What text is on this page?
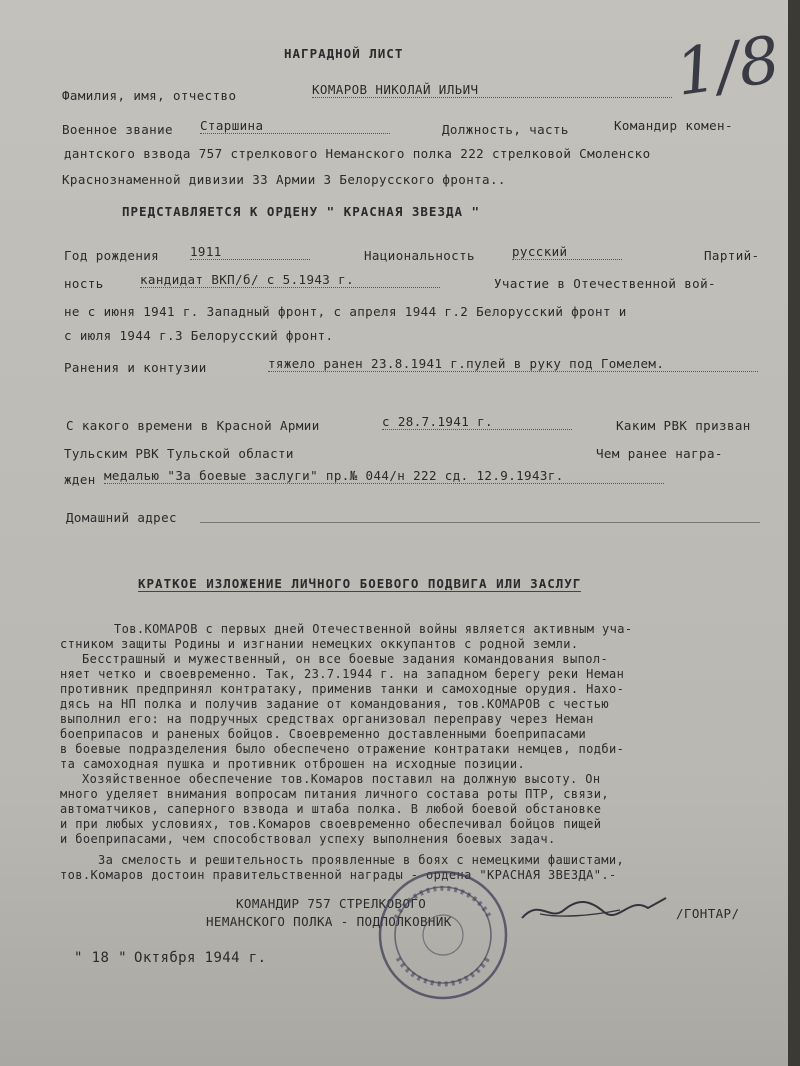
1/8
НАГРАДНОЙ ЛИСТ
Фамилия, имя, отчество	КОМАРОВ НИКОЛАЙ ИЛЬИЧ
Военное звание Старшина	Должность, часть	Командир комен-
дантского взвода 757 стрелкового Неманского полка 222 стрелковой Смоленско
Краснознаменной дивизии 33 Армии 3 Белорусского фронта..
ПРЕДСТАВЛЯЕТСЯ К ОРДЕНУ " КРАСНАЯ ЗВЕЗДА "
Год рождения 1911	Национальность	русский	Партий-
ность	кандидат ВКП/б/ с 5.1943 г.	Участие в Отечественной вой-
не с июня 1941 г. Западный фронт, с апреля 1944 г.2 Белорусский фронт и
с июля 1944 г.3 Белорусский фронт.
Ранения и контузии	тяжело ранен 23.8.1941 г.пулей в руку под Гомелем.
С какого времени в Красной Армии	с 28.7.1941 г.	Каким РВК призван
Тульским РВК Тульской области	Чем ранее награ-
жден медалью "За боевые заслуги" пр.№ 044/н 222 сд. 12.9.1943г.
Домашний адрес
КРАТКОЕ ИЗЛОЖЕНИЕ ЛИЧНОГО БОЕВОГО ПОДВИГА ИЛИ ЗАСЛУГ

Тов.КОМАРОВ с первых дней Отечественной войны является активным уча-

стником защиты Родины и изгнании немецких оккупантов с родной земли.

Бесстрашный и мужественный, он все боевые задания командования выпол-

няет четко и своевременно. Так, 23.7.1944 г. на западном берегу реки Неман

противник предпринял контратаку, применив танки и самоходные орудия. Нахо-

дясь на НП полка и получив задание от командования, тов.КОМАРОВ с честью

выполнил его: на подручных средствах организовал переправу через Неман

боеприпасов и раненых бойцов. Своевременно доставленными боеприпасами

в боевые подразделения было обеспечено отражение контратаки немцев, подби-

та самоходная пушка и противник отброшен на исходные позиции.

Хозяйственное обеспечение тов.Комаров поставил на должную высоту. Он

много уделяет внимания вопросам питания личного состава роты ПТР, связи,

автоматчиков, саперного взвода и штаба полка. В любой боевой обстановке

и при любых условиях, тов.Комаров своевременно обеспечивал бойцов пищей

и боеприпасами, чем способствовал успеху выполнения боевых задач.

За смелость и решительность проявленные в боях с немецкими фашистами,

тов.Комаров достоин правительственной награды - ордена "КРАСНАЯ ЗВЕЗДА".-

КОМАНДИР 757 СТРЕЛКОВОГО
НЕМАНСКОГО ПОЛКА - ПОДПОЛКОВНИК
/ГОНТАР/
" 18 " Октября 1944 г.
